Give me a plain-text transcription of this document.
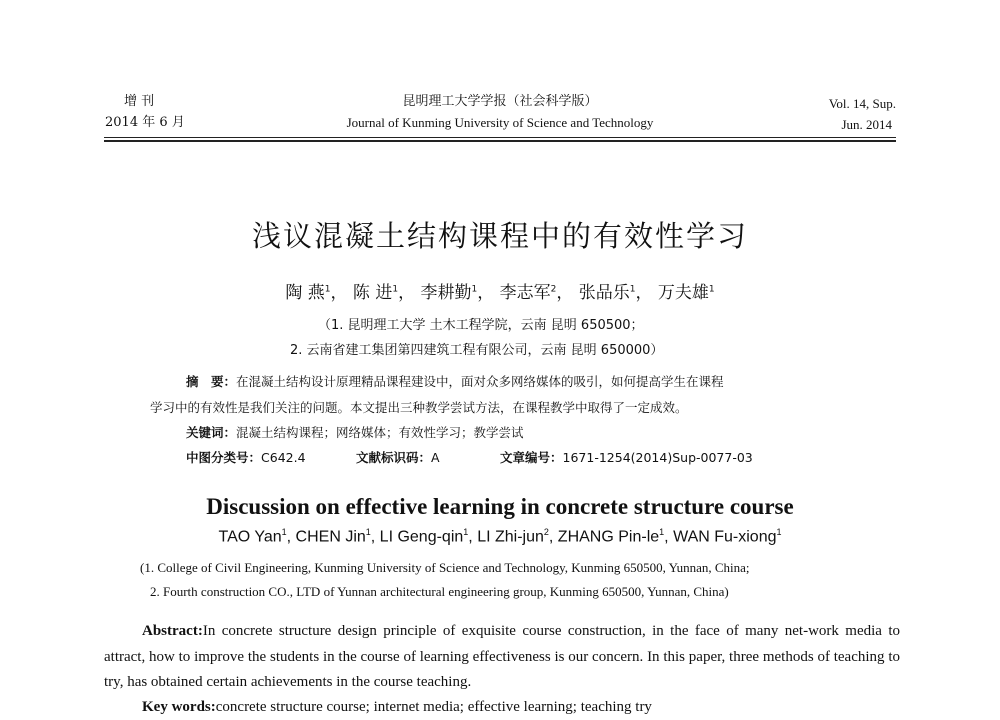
增 刊
2014 年 6 月
昆明理工大学学报（社会科学版）
Journal of Kunming University of Science and Technology
Vol. 14, Sup.
Jun. 2014
浅议混凝土结构课程中的有效性学习
陶 燕$^1$， 陈 进$^1$， 李耕勤$^1$， 李志军$^2$， 张品乐$^1$， 万夫雄$^1$
（1. 昆明理工大学 土木工程学院，云南 昆明 650500；
2. 云南省建工集团第四建筑工程有限公司，云南 昆明 650000）
摘　要：在混凝土结构设计原理精品课程建设中，面对众多网络媒体的吸引，如何提高学生在课程
学习中的有效性是我们关注的问题。本文提出三种教学尝试方法，在课程教学中取得了一定成效。
关键词：混凝土结构课程；网络媒体；有效性学习；教学尝试
中图分类号：C642.4	文献标识码：A	文章编号：1671-1254(2014)Sup-0077-03
Discussion on effective learning in concrete structure course
TAO Yan$^1$, CHEN Jin$^1$, LI Geng-qin$^1$, LI Zhi-jun$^2$, ZHANG Pin-$le^1$, WAN Fu-xiong$^1$
(1. College of Civil Engineering, Kunming University of Science and Technology, Kunming 650500, Yunnan, China;
2. Fourth construction CO., LTD of Yunnan architectural engineering group, Kunming 650500, Yunnan, China)
Abstract:In concrete structure design principle of exquisite course construction, in the face of many net-work media to attract, how to improve the students in the course of learning effectiveness is our concern. In this paper, three methods of teaching to try, has obtained certain achievements in the course teaching.
Key words:concrete structure course; internet media; effective learning; teaching try
